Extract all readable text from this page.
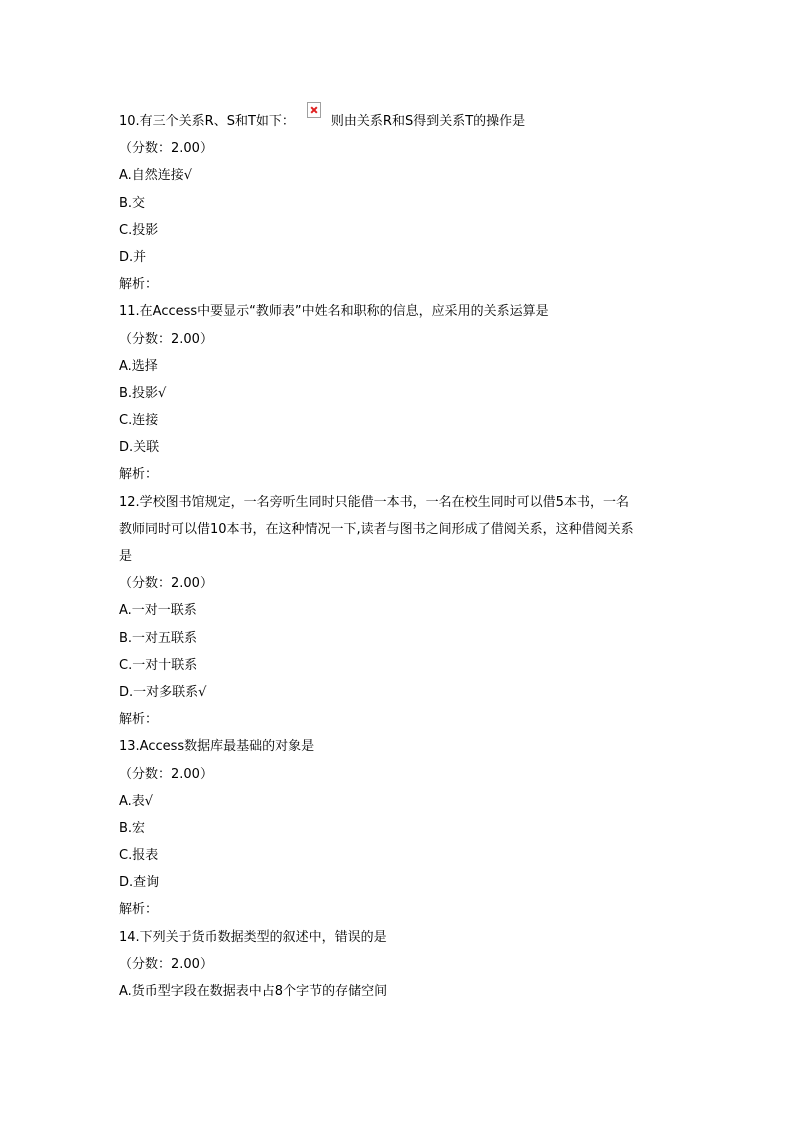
10.有三个关系R、S和T如下：	则由关系R和S得到关系T的操作是
（分数：2.00）
A.自然连接√
B.交
C.投影
D.并
解析：
11.在Access中要显示“教师表”中姓名和职称的信息，应采用的关系运算是
（分数：2.00）
A.选择
B.投影√
C.连接
D.关联
解析：
12.学校图书馆规定，一名旁听生同时只能借一本书，一名在校生同时可以借5本书，一名
教师同时可以借10本书，在这种情况一下,读者与图书之间形成了借阅关系，这种借阅关系
是
（分数：2.00）
A.一对一联系
B.一对五联系
C.一对十联系
D.一对多联系√
解析：
13.Access数据库最基础的对象是
（分数：2.00）
A.表√
B.宏
C.报表
D.查询
解析：
14.下列关于货币数据类型的叙述中，错误的是
（分数：2.00）
A.货币型字段在数据表中占8个字节的存储空间
